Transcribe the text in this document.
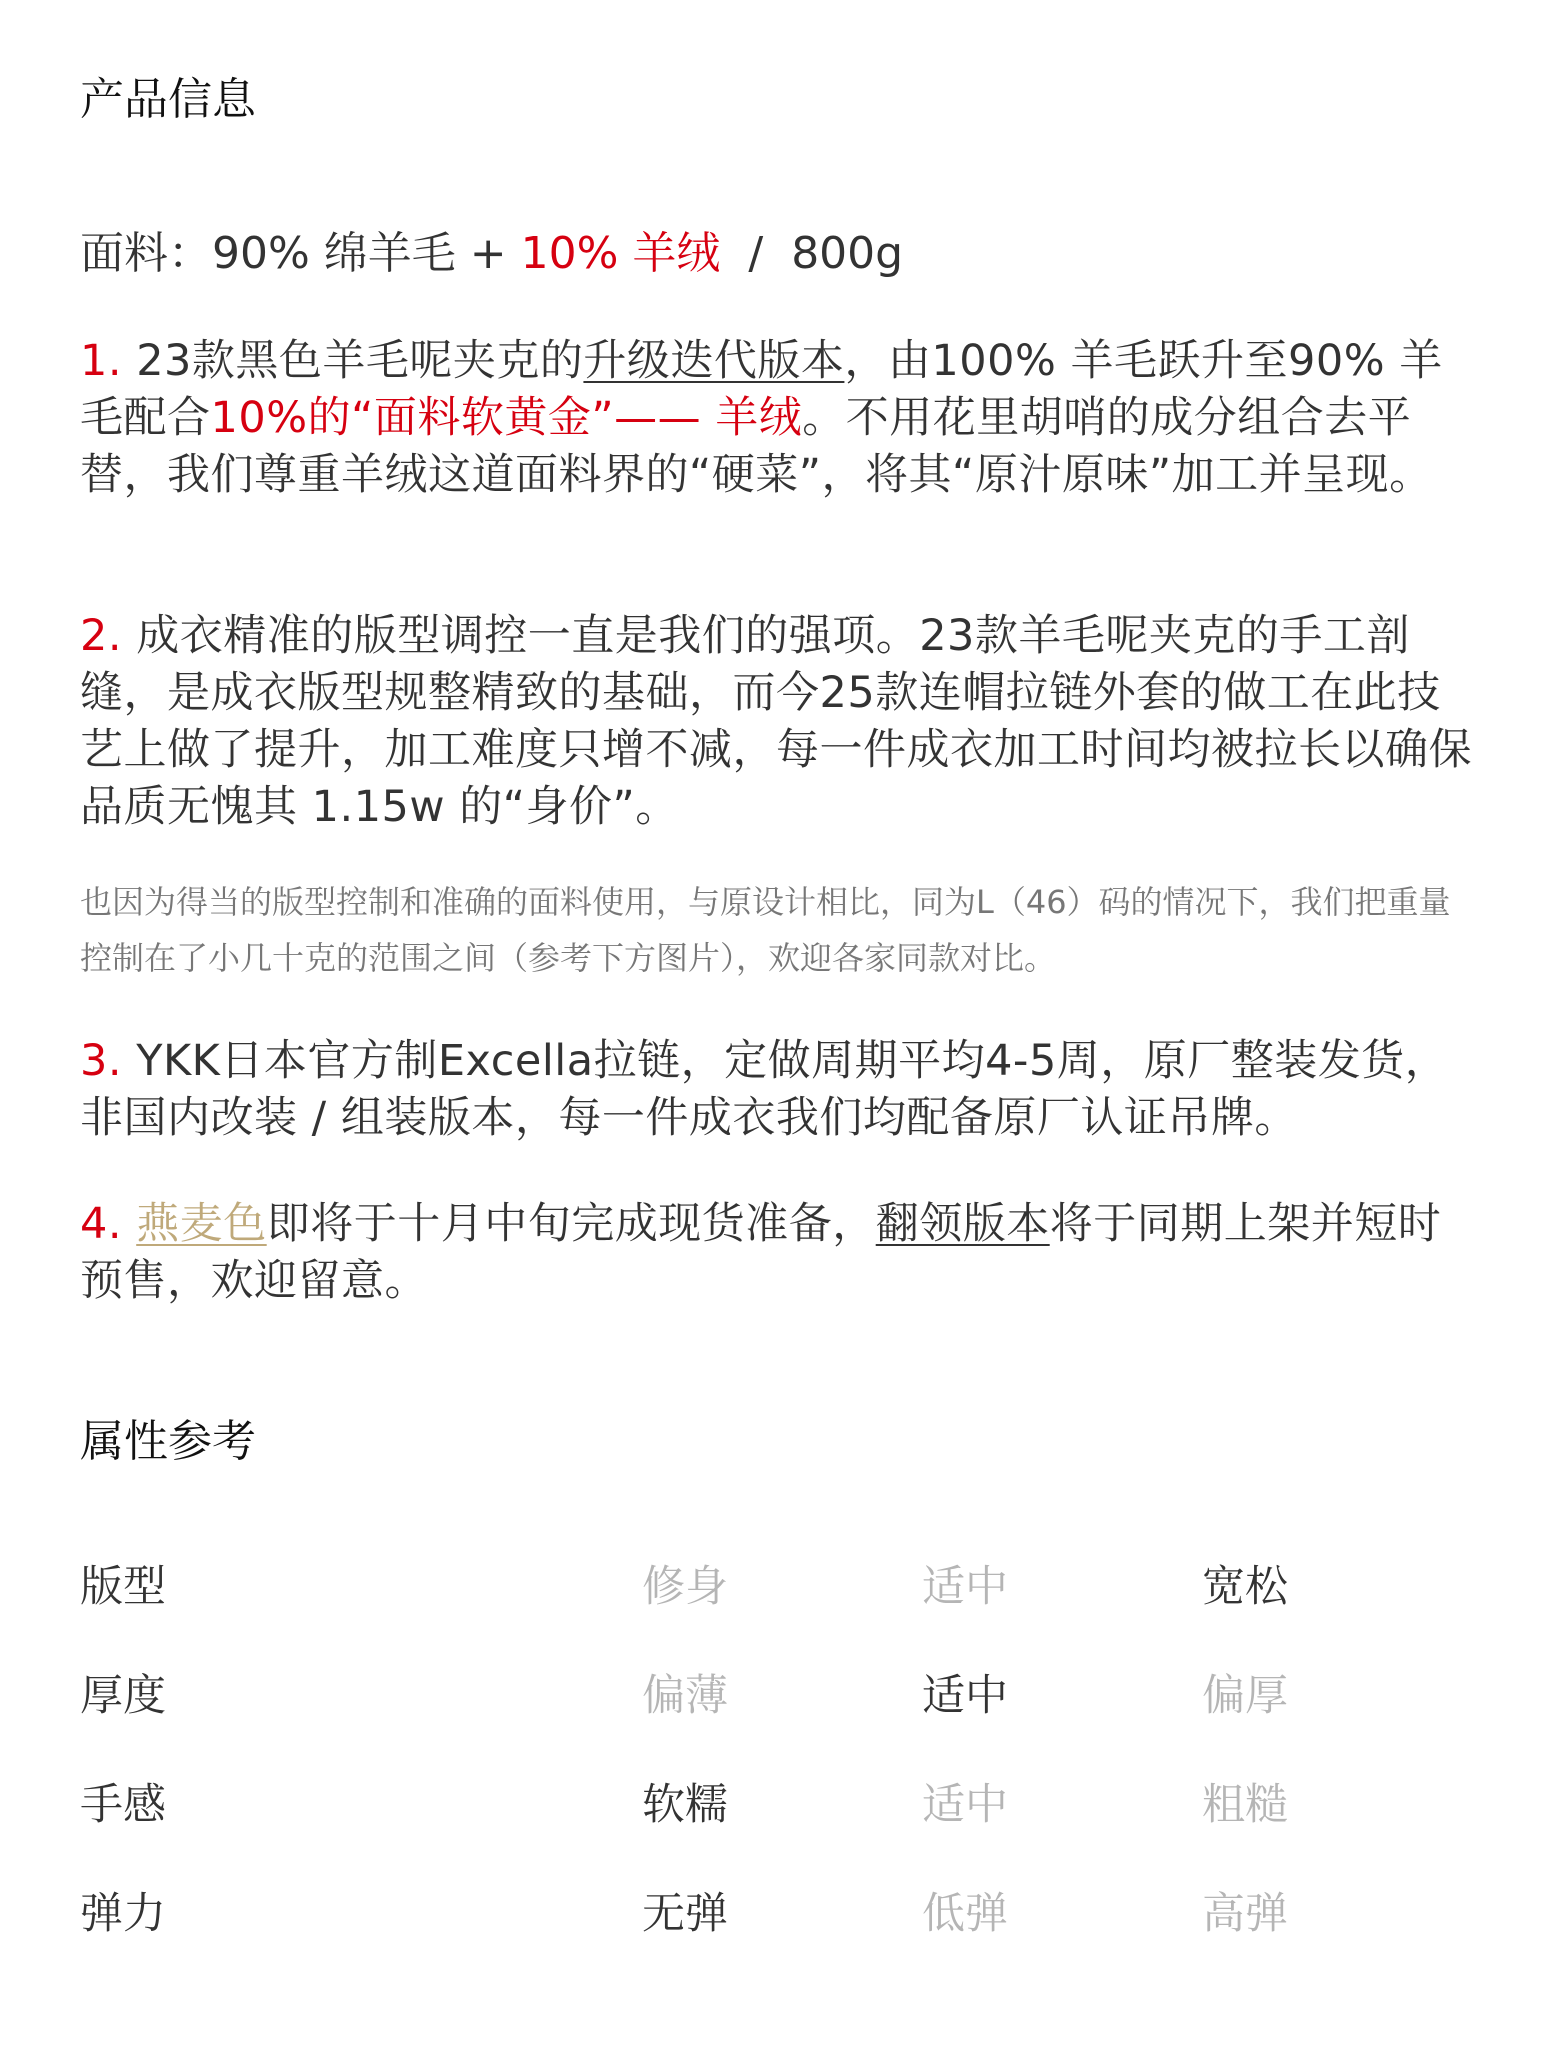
产品信息
面料：90% 绵羊毛 + 10% 羊绒  /  800g
1. 23款黑色羊毛呢夹克的升级迭代版本，由100% 羊毛跃升至90% 羊毛配合10%的“面料软黄金”—— 羊绒。不用花里胡哨的成分组合去平替，我们尊重羊绒这道面料界的“硬菜”，将其“原汁原味”加工并呈现。
2. 成衣精准的版型调控一直是我们的强项。23款羊毛呢夹克的手工剖缝，是成衣版型规整精致的基础，而今25款连帽拉链外套的做工在此技艺上做了提升，加工难度只增不减，每一件成衣加工时间均被拉长以确保品质无愧其 1.15w 的“身价”。
也因为得当的版型控制和准确的面料使用，与原设计相比，同为L（46）码的情况下，我们把重量控制在了小几十克的范围之间（参考下方图片），欢迎各家同款对比。
3. YKK日本官方制Excella拉链，定做周期平均4-5周，原厂整装发货，非国内改装 / 组装版本，每一件成衣我们均配备原厂认证吊牌。
4. 燕麦色即将于十月中旬完成现货准备，翻领版本将于同期上架并短时预售，欢迎留意。
属性参考
版型	修身	适中	宽松
厚度	偏薄	适中	偏厚
手感	软糯	适中	粗糙
弹力	无弹	低弹	高弹
